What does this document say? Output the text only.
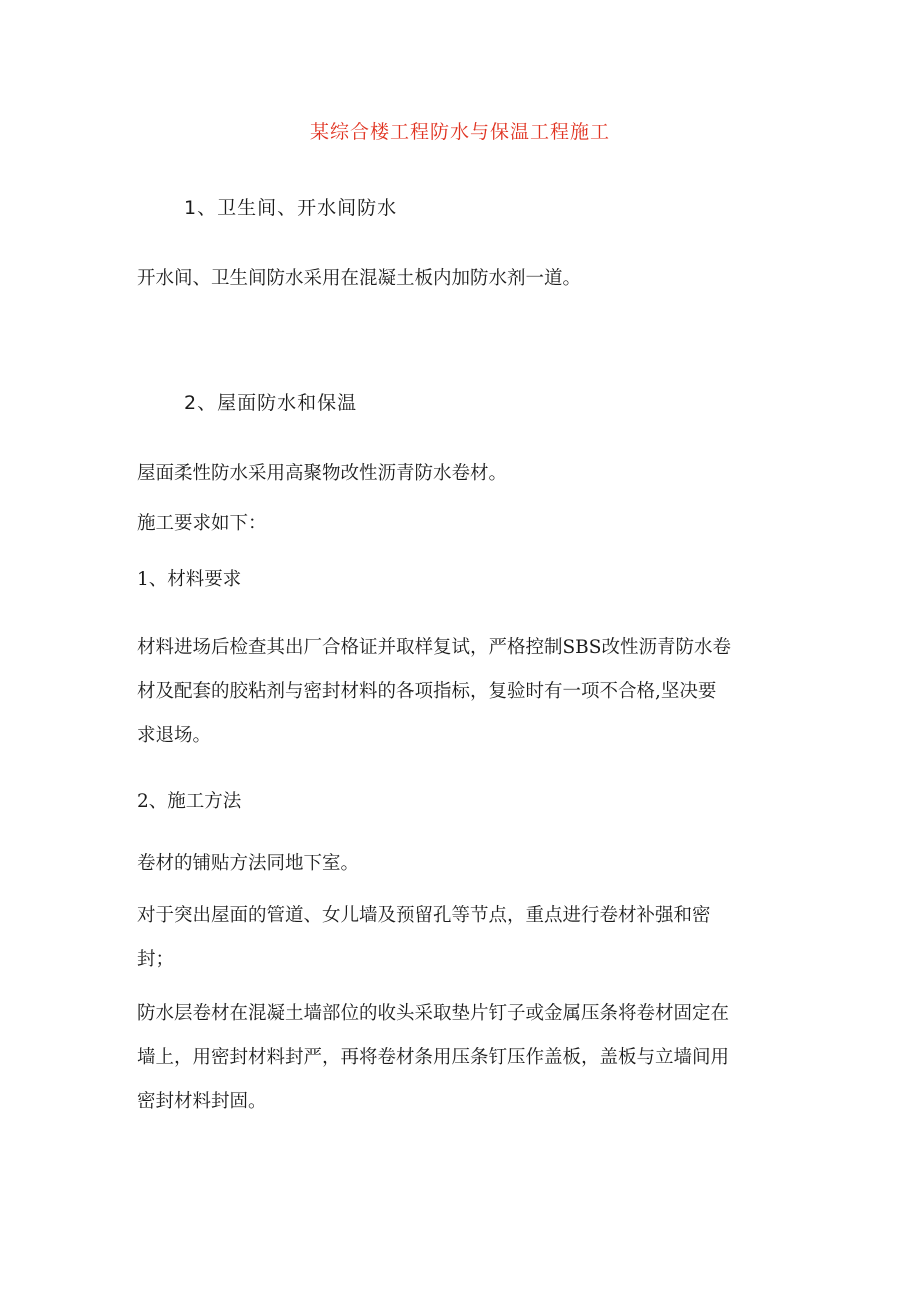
某综合楼工程防水与保温工程施工
1、卫生间、开水间防水
开水间、卫生间防水采用在混凝土板内加防水剂一道。
2、屋面防水和保温
屋面柔性防水采用高聚物改性沥青防水卷材。
施工要求如下：
1、材料要求
材料进场后检查其出厂合格证并取样复试，严格控制SBS改性沥青防水卷
材及配套的胶粘剂与密封材料的各项指标，复验时有一项不合格,坚决要
求退场。
2、施工方法
卷材的铺贴方法同地下室。
对于突出屋面的管道、女儿墙及预留孔等节点，重点进行卷材补强和密
封；
防水层卷材在混凝土墙部位的收头采取垫片钉子或金属压条将卷材固定在
墙上，用密封材料封严，再将卷材条用压条钉压作盖板，盖板与立墙间用
密封材料封固。
